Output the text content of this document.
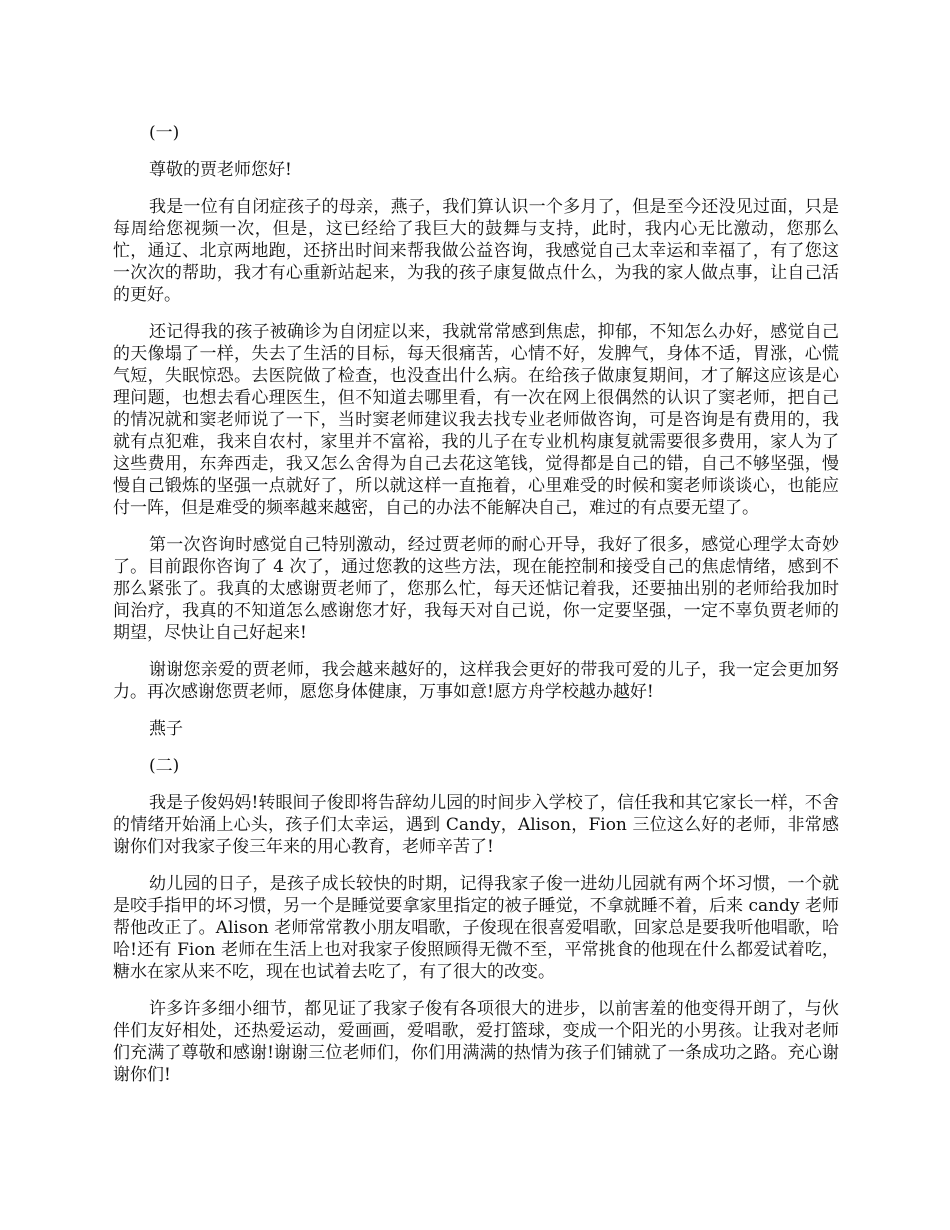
(一)

尊敬的贾老师您好!

我是一位有自闭症孩子的母亲，燕子，我们算认识一个多月了，但是至今还没见过面，只是每周给您视频一次，但是，这已经给了我巨大的鼓舞与支持，此时，我内心无比激动，您那么忙，通辽、北京两地跑，还挤出时间来帮我做公益咨询，我感觉自己太幸运和幸福了，有了您这一次次的帮助，我才有心重新站起来，为我的孩子康复做点什么，为我的家人做点事，让自己活的更好。

还记得我的孩子被确诊为自闭症以来，我就常常感到焦虑，抑郁，不知怎么办好，感觉自己的天像塌了一样，失去了生活的目标，每天很痛苦，心情不好，发脾气，身体不适，胃涨，心慌气短，失眠惊恐。去医院做了检查，也没查出什么病。在给孩子做康复期间，才了解这应该是心理问题，也想去看心理医生，但不知道去哪里看，有一次在网上很偶然的认识了窦老师，把自己的情况就和窦老师说了一下，当时窦老师建议我去找专业老师做咨询，可是咨询是有费用的，我就有点犯难，我来自农村，家里并不富裕，我的儿子在专业机构康复就需要很多费用，家人为了这些费用，东奔西走，我又怎么舍得为自己去花这笔钱，觉得都是自己的错，自己不够坚强，慢慢自己锻炼的坚强一点就好了，所以就这样一直拖着，心里难受的时候和窦老师谈谈心，也能应付一阵，但是难受的频率越来越密，自己的办法不能解决自己，难过的有点要无望了。

第一次咨询时感觉自己特别激动，经过贾老师的耐心开导，我好了很多，感觉心理学太奇妙了。目前跟你咨询了 4 次了，通过您教的这些方法，现在能控制和接受自己的焦虑情绪，感到不那么紧张了。我真的太感谢贾老师了，您那么忙，每天还惦记着我，还要抽出别的老师给我加时间治疗，我真的不知道怎么感谢您才好，我每天对自己说，你一定要坚强，一定不辜负贾老师的期望，尽快让自己好起来!

谢谢您亲爱的贾老师，我会越来越好的，这样我会更好的带我可爱的儿子，我一定会更加努力。再次感谢您贾老师，愿您身体健康，万事如意!愿方舟学校越办越好!

燕子

(二)

我是子俊妈妈!转眼间子俊即将告辞幼儿园的时间步入学校了，信任我和其它家长一样，不舍的情绪开始涌上心头，孩子们太幸运，遇到 Candy，Alison，Fion 三位这么好的老师，非常感谢你们对我家子俊三年来的用心教育，老师辛苦了!

幼儿园的日子，是孩子成长较快的时期，记得我家子俊一进幼儿园就有两个坏习惯，一个就是咬手指甲的坏习惯，另一个是睡觉要拿家里指定的被子睡觉，不拿就睡不着，后来 candy 老师帮他改正了。Alison 老师常常教小朋友唱歌，子俊现在很喜爱唱歌，回家总是要我听他唱歌，哈哈!还有 Fion 老师在生活上也对我家子俊照顾得无微不至，平常挑食的他现在什么都爱试着吃，糖水在家从来不吃，现在也试着去吃了，有了很大的改变。

许多许多细小细节，都见证了我家子俊有各项很大的进步，以前害羞的他变得开朗了，与伙伴们友好相处，还热爱运动，爱画画，爱唱歌，爱打篮球，变成一个阳光的小男孩。让我对老师们充满了尊敬和感谢!谢谢三位老师们，你们用满满的热情为孩子们铺就了一条成功之路。充心谢谢你们!
